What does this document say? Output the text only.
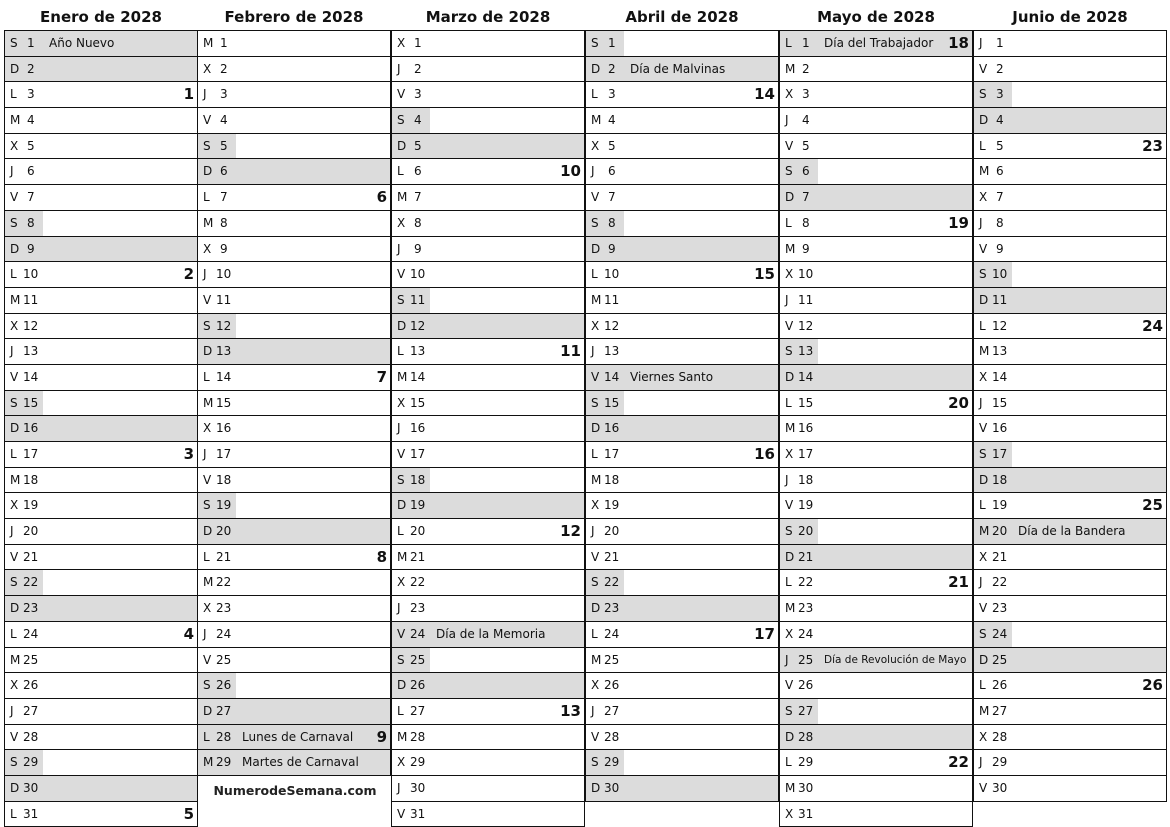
Enero de 2028
S 1 Año Nuevo
D 2
L 3	1
M 4
X 5
J 6
V 7
S 8
D 9
L 10	2
M 11
X 12
J 13
V 14
S 15
D 16
L 17	3
M 18
X 19
J 20
V 21
S 22
D 23
L 24	4
M 25
X 26
J 27
V 28
S 29
D 30
L 31	5
Febrero de 2028
M 1
X 2
J 3
V 4
S 5
D 6
L 7	6
M 8
X 9
J 10
V 11
S 12
D 13
L 14	7
M 15
X 16
J 17
V 18
S 19
D 20
L 21	8
M 22
X 23
J 24
V 25
S 26
D 27
L 28 Lunes de Carnaval 9
M 29 Martes de Carnaval
Marzo de 2028
X 1
J 2
V 3
S 4
D 5
L 6	10
M 7
X 8
J 9
V 10
S 11
D 12
L 13	11
M 14
X 15
J 16
V 17
S 18
D 19
L 20	12
M 21
X 22
J 23
V 24 Día de la Memoria
S 25
D 26
L 27	13
M 28
X 29
J 30
V 31
Abril de 2028
S 1
D 2 Día de Malvinas
L 3	14
M 4
X 5
J 6
V 7
S 8
D 9
L 10	15
M 11
X 12
J 13
V 14 Viernes Santo
S 15
D 16
L 17	16
M 18
X 19
J 20
V 21
S 22
D 23
L 24	17
M 25
X 26
J 27
V 28
S 29
D 30
Mayo de 2028
L 1 Día del Trabajador 18
M 2
X 3
J 4
V 5
S 6
D 7
L 8	19
M 9
X 10
J 11
V 12
S 13
D 14
L 15	20
M 16
X 17
J 18
V 19
S 20
D 21
L 22	21
M 23
X 24
J 25 Día de Revolución de Mayo
V 26
S 27
D 28
L 29	22
M 30
X 31
Junio de 2028
J 1
V 2
S 3
D 4
L 5	23
M 6
X 7
J 8
V 9
S 10
D 11
L 12	24
M 13
X 14
J 15
V 16
S 17
D 18
L 19	25
M 20 Día de la Bandera
X 21
J 22
V 23
S 24
D 25
L 26	26
M 27
X 28
J 29
V 30
NumerodeSemana.com
